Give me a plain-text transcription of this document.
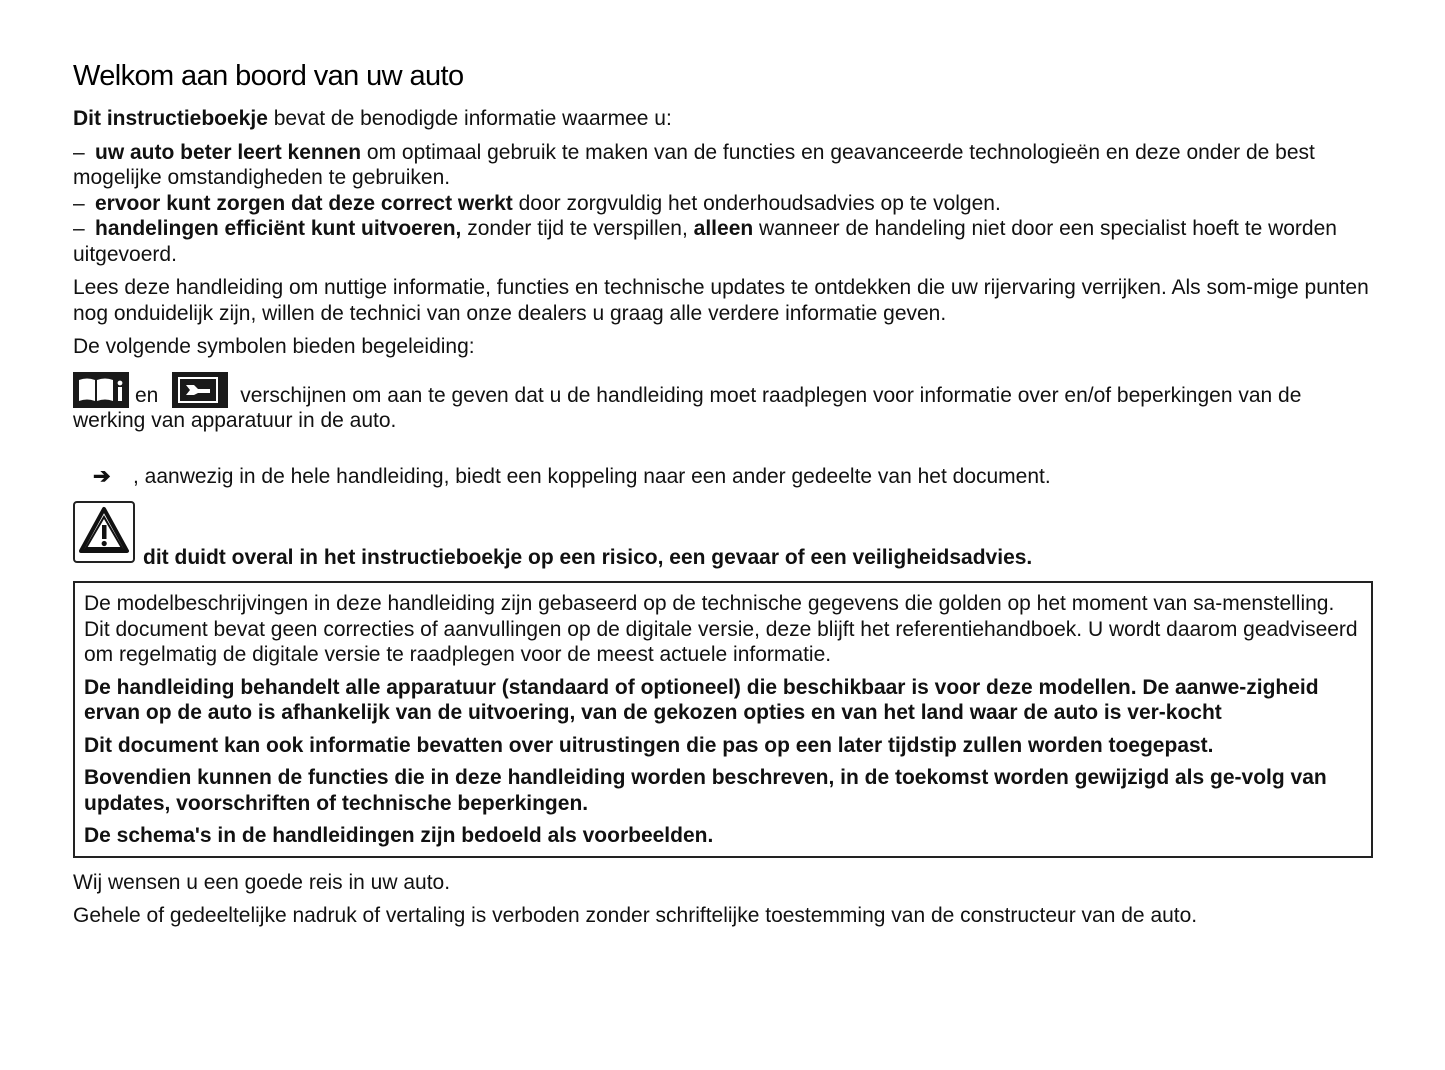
Welkom aan boord van uw auto

Dit instructieboekje bevat de benodigde informatie waarmee u:

– uw auto beter leert kennen om optimaal gebruik te maken van de functies en geavanceerde technologieën en deze onder de best mogelijke omstandigheden te gebruiken.

– ervoor kunt zorgen dat deze correct werkt door zorgvuldig het onderhoudsadvies op te volgen.

– handelingen efficiënt kunt uitvoeren, zonder tijd te verspillen, alleen wanneer de handeling niet door een specialist hoeft te worden uitgevoerd.

Lees deze handleiding om nuttige informatie, functies en technische updates te ontdekken die uw rijervaring verrijken. Als som-mige punten nog onduidelijk zijn, willen de technici van onze dealers u graag alle verdere informatie geven.

De volgende symbolen bieden begeleiding:

en	verschijnen om aan te geven dat u de handleiding moet raadplegen voor informatie over en/of beperkingen van de werking van apparatuur in de auto.
➔ , aanwezig in de hele handleiding, biedt een koppeling naar een ander gedeelte van het document.
dit duidt overal in het instructieboekje op een risico, een gevaar of een veiligheidsadvies.

De modelbeschrijvingen in deze handleiding zijn gebaseerd op de technische gegevens die golden op het moment van sa-menstelling. Dit document bevat geen correcties of aanvullingen op de digitale versie, deze blijft het referentiehandboek. U wordt daarom geadviseerd om regelmatig de digitale versie te raadplegen voor de meest actuele informatie.

De handleiding behandelt alle apparatuur (standaard of optioneel) die beschikbaar is voor deze modellen. De aanwe-zigheid ervan op de auto is afhankelijk van de uitvoering, van de gekozen opties en van het land waar de auto is ver-kocht

Dit document kan ook informatie bevatten over uitrustingen die pas op een later tijdstip zullen worden toegepast.

Bovendien kunnen de functies die in deze handleiding worden beschreven, in de toekomst worden gewijzigd als ge-volg van updates, voorschriften of technische beperkingen.

De schema's in de handleidingen zijn bedoeld als voorbeelden.

Wij wensen u een goede reis in uw auto.

Gehele of gedeeltelijke nadruk of vertaling is verboden zonder schriftelijke toestemming van de constructeur van de auto.
